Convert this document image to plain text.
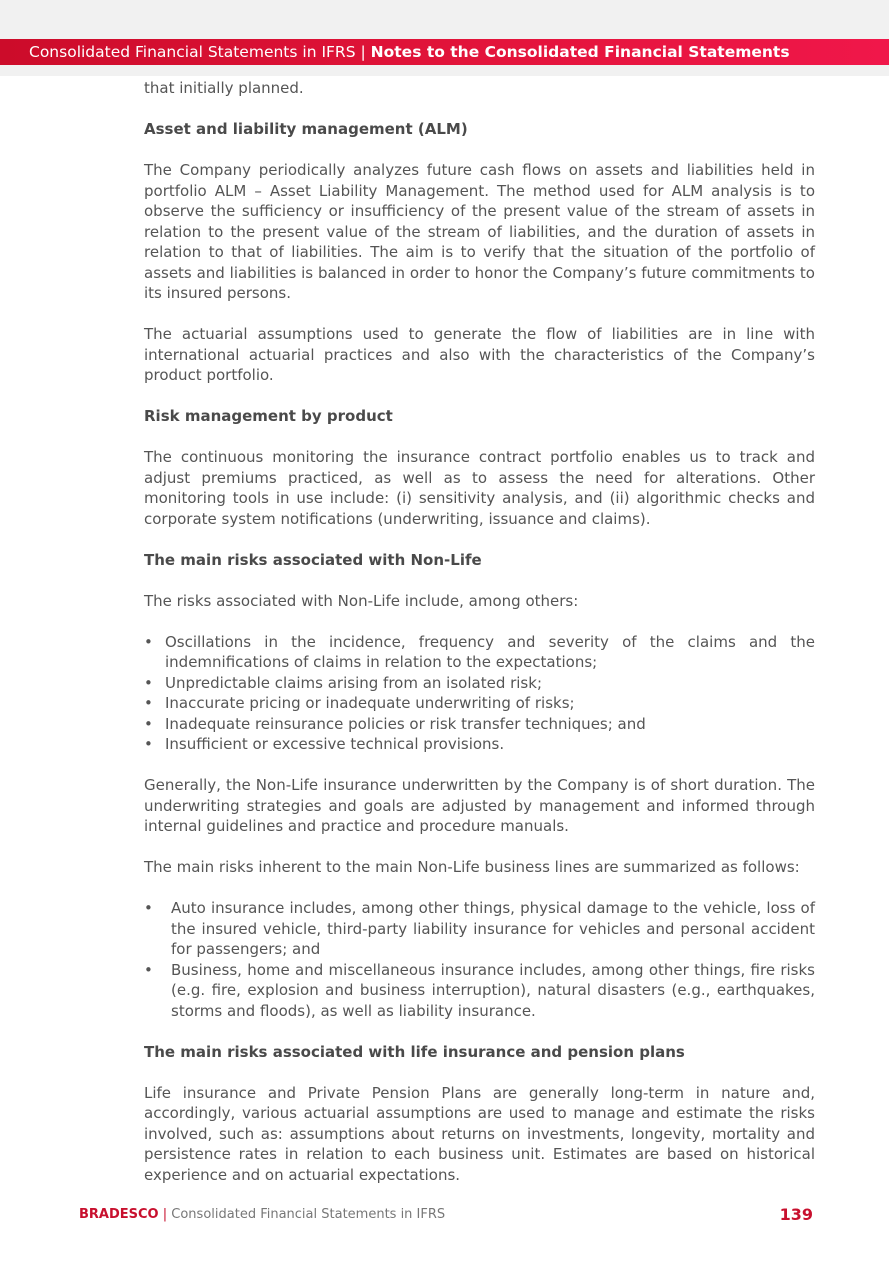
Consolidated Financial Statements in IFRS | Notes to the Consolidated Financial Statements

that initially planned.

Asset and liability management (ALM)

The Company periodically analyzes future cash flows on assets and liabilities held in portfolio ALM – Asset Liability Management. The method used for ALM analysis is to observe the sufficiency or insufficiency of the present value of the stream of assets in relation to the present value of the stream of liabilities, and the duration of assets in relation to that of liabilities. The aim is to verify that the situation of the portfolio of assets and liabilities is balanced in order to honor the Company’s future commitments to its insured persons.

The actuarial assumptions used to generate the flow of liabilities are in line with international actuarial practices and also with the characteristics of the Company’s product portfolio.

Risk management by product

The continuous monitoring the insurance contract portfolio enables us to track and adjust premiums practiced, as well as to assess the need for alterations. Other monitoring tools in use include: (i) sensitivity analysis, and (ii) algorithmic checks and corporate system notifications (underwriting, issuance and claims).

The main risks associated with Non-Life

The risks associated with Non-Life include, among others:

• Oscillations in the incidence, frequency and severity of the claims and the indemnifications of claims in relation to the expectations;
• Unpredictable claims arising from an isolated risk;
• Inaccurate pricing or inadequate underwriting of risks;
• Inadequate reinsurance policies or risk transfer techniques; and
• Insufficient or excessive technical provisions.

Generally, the Non-Life insurance underwritten by the Company is of short duration. The underwriting strategies and goals are adjusted by management and informed through internal guidelines and practice and procedure manuals.

The main risks inherent to the main Non-Life business lines are summarized as follows:

• Auto insurance includes, among other things, physical damage to the vehicle, loss of the insured vehicle, third-party liability insurance for vehicles and personal accident for passengers; and
• Business, home and miscellaneous insurance includes, among other things, fire risks (e.g. fire, explosion and business interruption), natural disasters (e.g., earthquakes, storms and floods), as well as liability insurance.
The main risks associated with life insurance and pension plans

Life insurance and Private Pension Plans are generally long-term in nature and, accordingly, various actuarial assumptions are used to manage and estimate the risks involved, such as: assumptions about returns on investments, longevity, mortality and persistence rates in relation to each business unit. Estimates are based on historical experience and on actuarial expectations.

BRADESCO | Consolidated Financial Statements in IFRS	139
